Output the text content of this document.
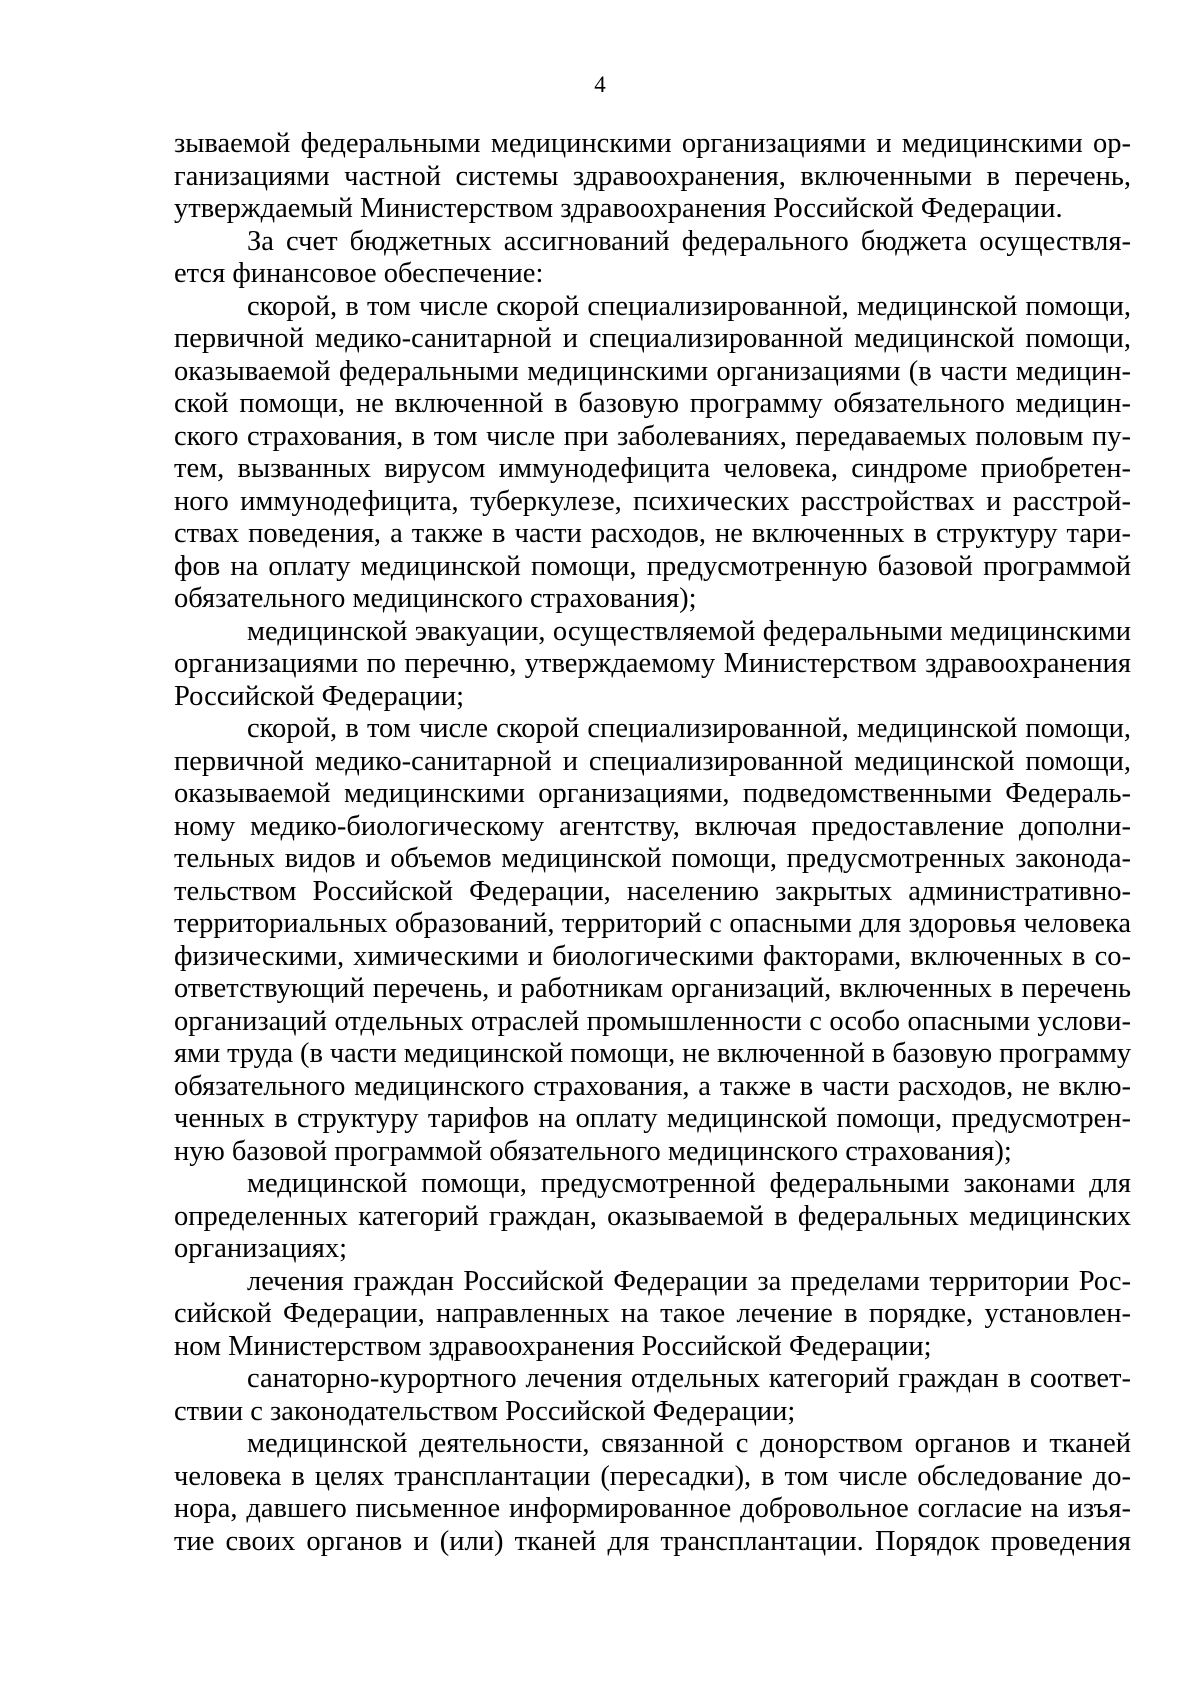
4

зываемой федеральными медицинскими организациями и медицинскими ор-
ганизациями частной системы здравоохранения, включенными в перечень,
утверждаемый Министерством здравоохранения Российской Федерации.

За счет бюджетных ассигнований федерального бюджета осуществля-
ется финансовое обеспечение:

скорой, в том числе скорой специализированной, медицинской помощи,
первичной медико-санитарной и специализированной медицинской помощи,
оказываемой федеральными медицинскими организациями (в части медицин-
ской помощи, не включенной в базовую программу обязательного медицин-
ского страхования, в том числе при заболеваниях, передаваемых половым пу-
тем, вызванных вирусом иммунодефицита человека, синдроме приобретен-
ного иммунодефицита, туберкулезе, психических расстройствах и расстрой-
ствах поведения, а также в части расходов, не включенных в структуру тари-
фов на оплату медицинской помощи, предусмотренную базовой программой
обязательного медицинского страхования);

медицинской эвакуации, осуществляемой федеральными медицинскими
организациями по перечню, утверждаемому Министерством здравоохранения
Российской Федерации;

скорой, в том числе скорой специализированной, медицинской помощи,
первичной медико-санитарной и специализированной медицинской помощи,
оказываемой медицинскими организациями, подведомственными Федераль-
ному медико-биологическому агентству, включая предоставление дополни-
тельных видов и объемов медицинской помощи, предусмотренных законода-
тельством Российской Федерации, населению закрытых административно-
территориальных образований, территорий с опасными для здоровья человека
физическими, химическими и биологическими факторами, включенных в со-
ответствующий перечень, и работникам организаций, включенных в перечень
организаций отдельных отраслей промышленности с особо опасными услови-
ями труда (в части медицинской помощи, не включенной в базовую программу
обязательного медицинского страхования, а также в части расходов, не вклю-
ченных в структуру тарифов на оплату медицинской помощи, предусмотрен-
ную базовой программой обязательного медицинского страхования);

медицинской помощи, предусмотренной федеральными законами для
определенных категорий граждан, оказываемой в федеральных медицинских
организациях;

лечения граждан Российской Федерации за пределами территории Рос-
сийской Федерации, направленных на такое лечение в порядке, установлен-
ном Министерством здравоохранения Российской Федерации;

санаторно-курортного лечения отдельных категорий граждан в соответ-
ствии с законодательством Российской Федерации;

медицинской деятельности, связанной с донорством органов и тканей
человека в целях трансплантации (пересадки), в том числе обследование до-
нора, давшего письменное информированное добровольное согласие на изъя-
тие своих органов и (или) тканей для трансплантации. Порядок проведения
